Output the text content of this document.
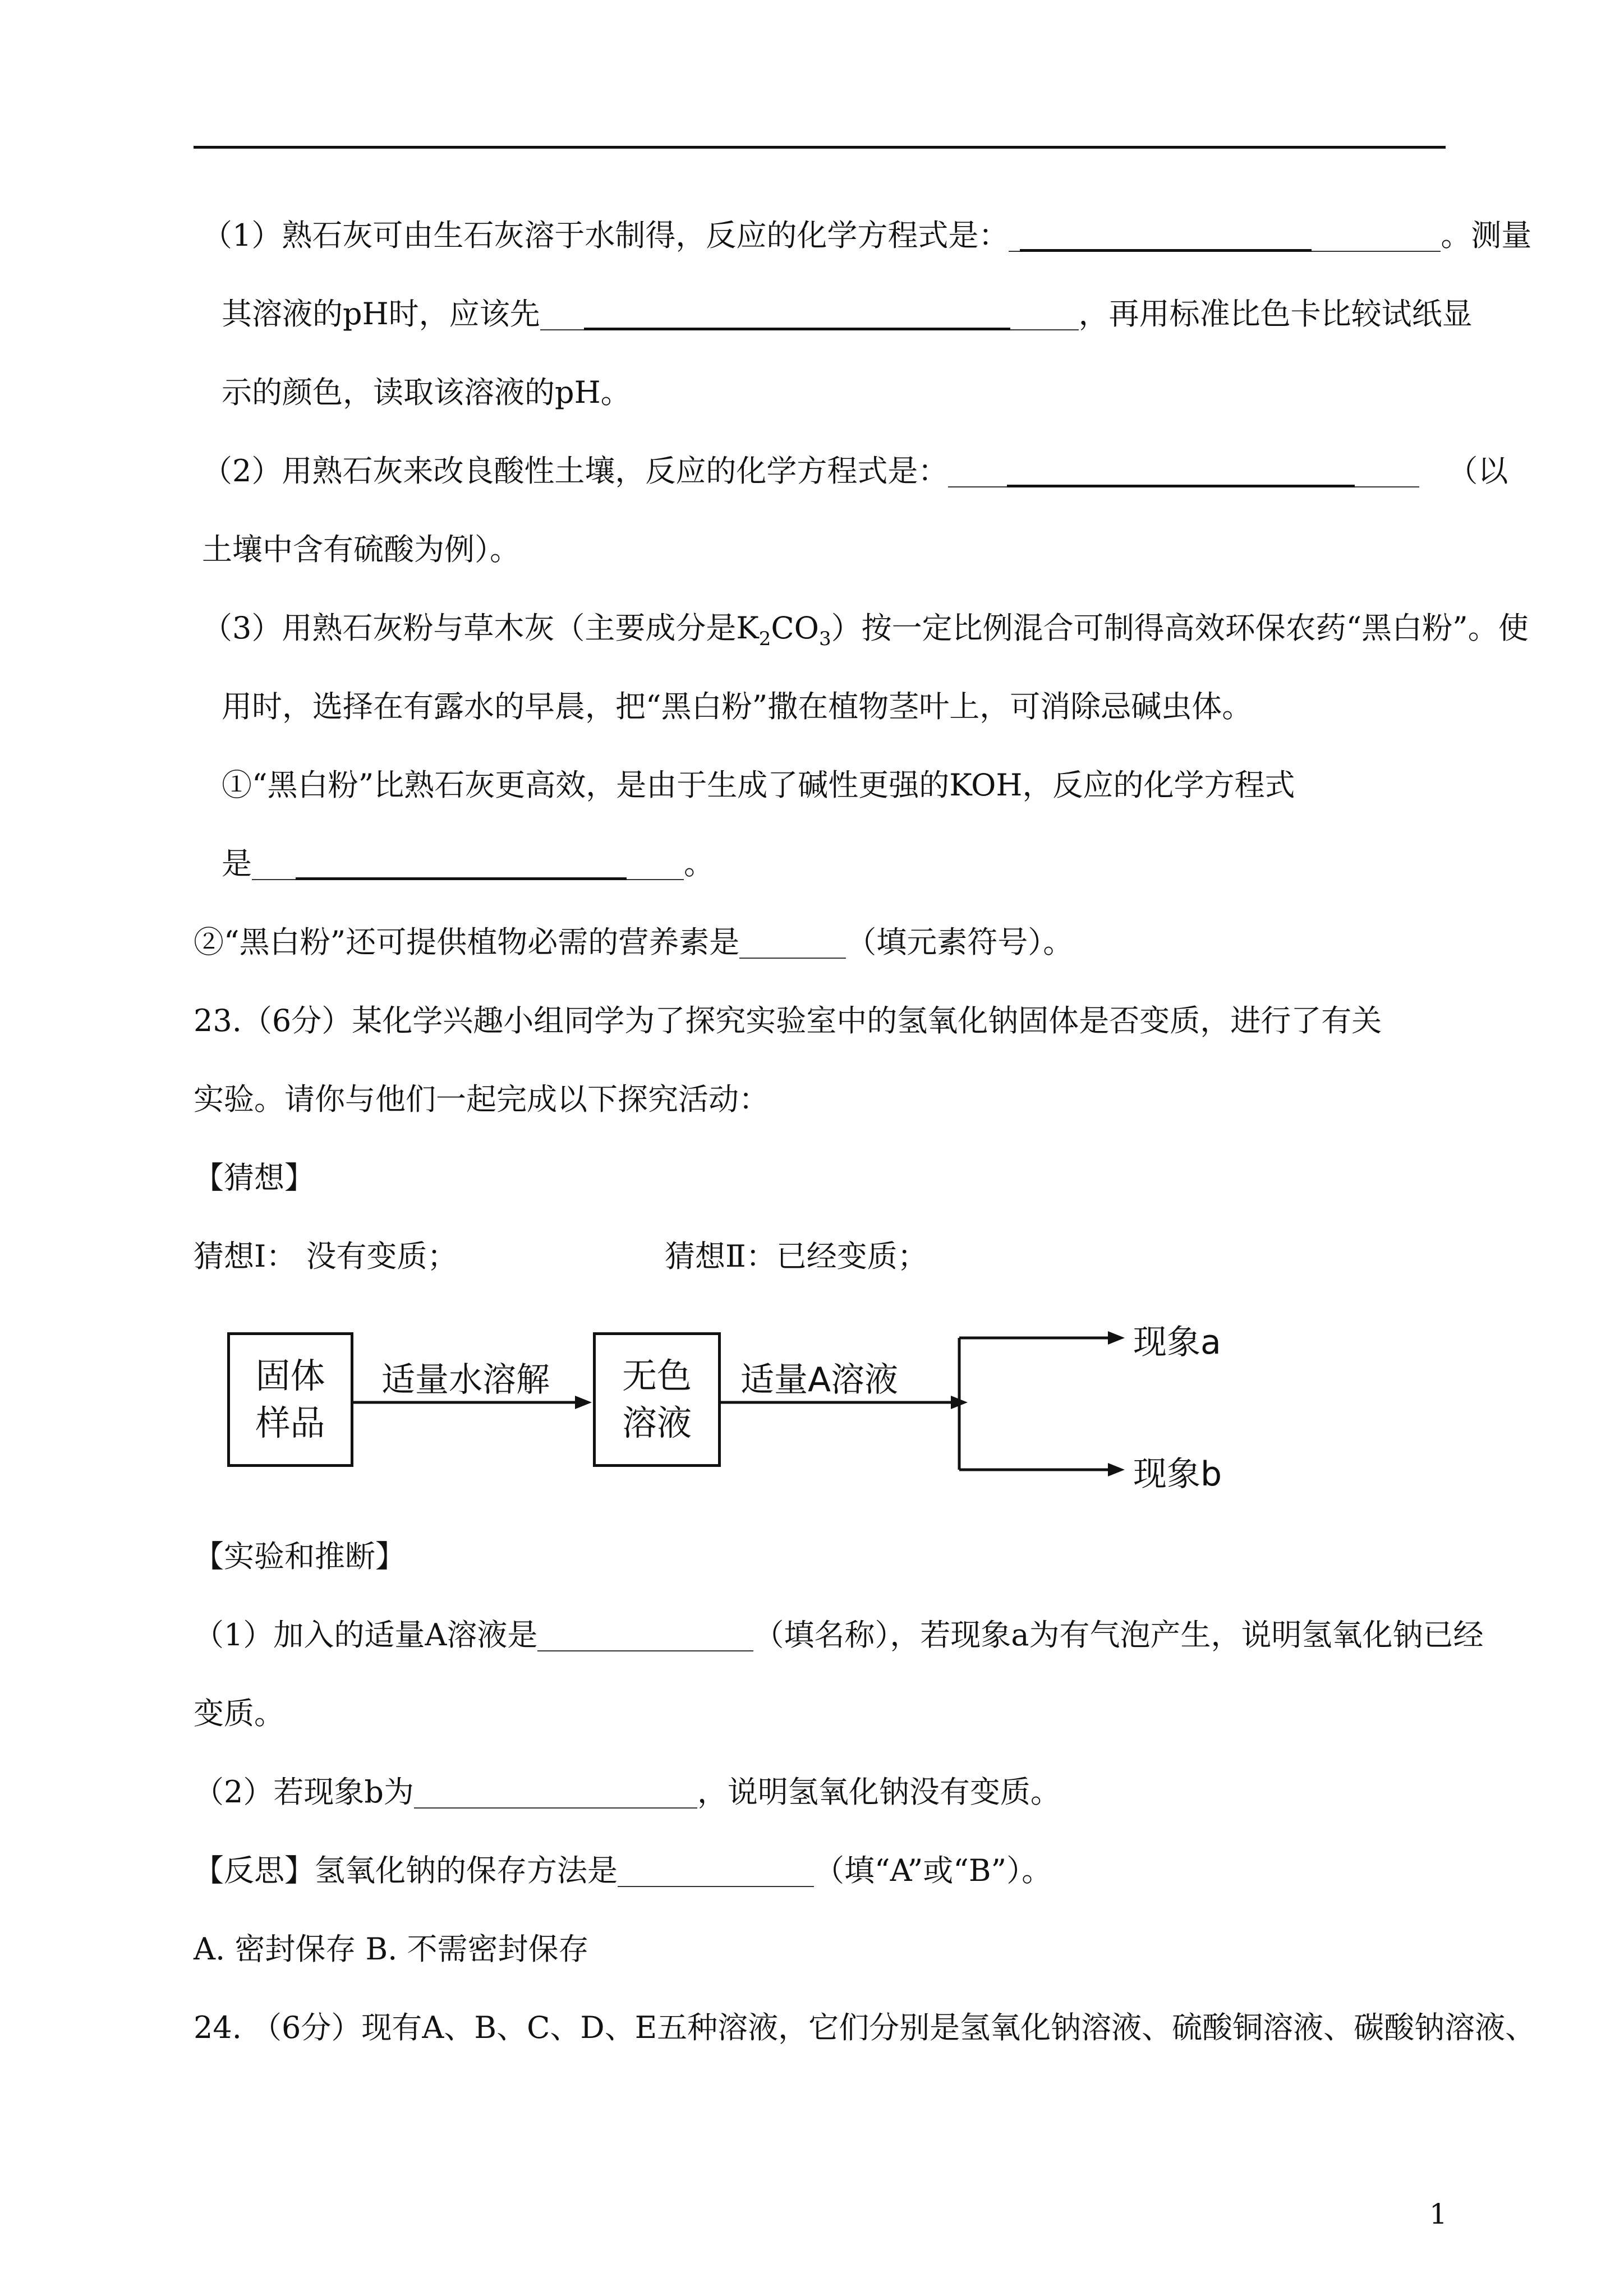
（1）熟石灰可由生石灰溶于水制得，反应的化学方程式是：	。测量
其溶液的pH时，应该先	，再用标准比色卡比较试纸显
示的颜色，读取该溶液的pH。
（2）用熟石灰来改良酸性土壤，反应的化学方程式是：	（以
土壤中含有硫酸为例）。
（3）用熟石灰粉与草木灰（主要成分是$K_2CO_3$）按一定比例混合可制得高效环保农药“黑白粉”。使
用时，选择在有露水的早晨，把“黑白粉”撒在植物茎叶上，可消除忌碱虫体。
①“黑白粉”比熟石灰更高效，是由于生成了碱性更强的KOH，反应的化学方程式
是	。
②“黑白粉”还可提供植物必需的营养素是	（填元素符号）。
23.（6分）某化学兴趣小组同学为了探究实验室中的氢氧化钠固体是否变质，进行了有关
实验。请你与他们一起完成以下探究活动：
【猜想】
猜想Ⅰ： 没有变质；	猜想Ⅱ：已经变质；
固体
样品
适量水溶解 无色
溶液
适量A溶液
现象a
现象b
【实验和推断】
（1）加入的适量A溶液是	（填名称），若现象a为有气泡产生，说明氢氧化钠已经
变质。
（2）若现象b为	，说明氢氧化钠没有变质。
【反思】氢氧化钠的保存方法是	（填“A”或“B”）。
A. 密封保存 B. 不需密封保存
24. （6分）现有A、B、C、D、E五种溶液，它们分别是氢氧化钠溶液、硫酸铜溶液、碳酸钠溶液、
1
